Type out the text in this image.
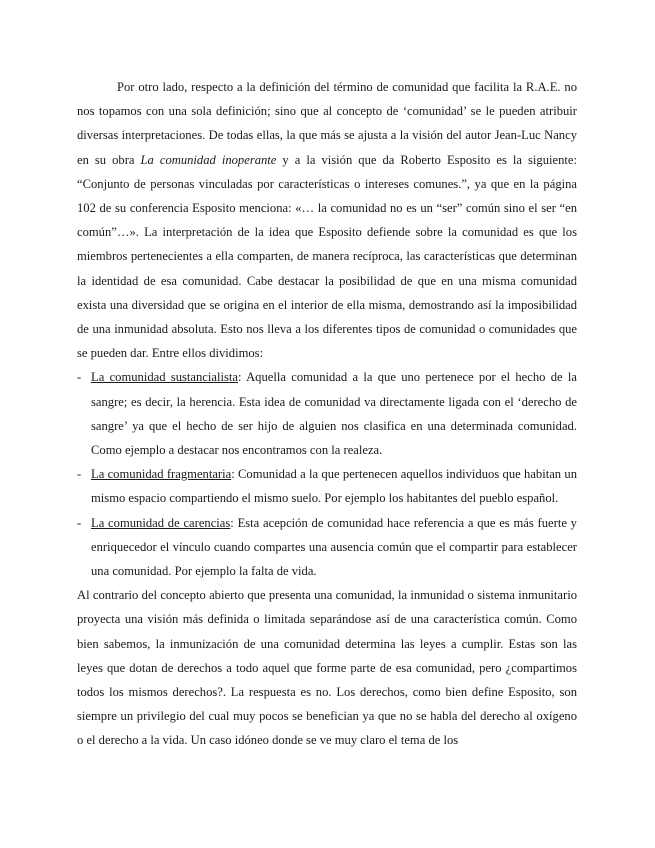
Por otro lado, respecto a la definición del término de comunidad que facilita la R.A.E. no nos topamos con una sola definición; sino que al concepto de ‘comunidad’ se le pueden atribuir diversas interpretaciones. De todas ellas, la que más se ajusta a la visión del autor Jean-Luc Nancy en su obra La comunidad inoperante y a la visión que da Roberto Esposito es la siguiente: “Conjunto de personas vinculadas por características o intereses comunes.”, ya que en la página 102 de su conferencia Esposito menciona: «… la comunidad no es un “ser” común sino el ser “en común”…». La interpretación de la idea que Esposito defiende sobre la comunidad es que los miembros pertenecientes a ella comparten, de manera recíproca, las características que determinan la identidad de esa comunidad. Cabe destacar la posibilidad de que en una misma comunidad exista una diversidad que se origina en el interior de ella misma, demostrando así la imposibilidad de una inmunidad absoluta. Esto nos lleva a los diferentes tipos de comunidad o comunidades que se pueden dar. Entre ellos dividimos:

- La comunidad sustancialista: Aquella comunidad a la que uno pertenece por el hecho de la sangre; es decir, la herencia. Esta idea de comunidad va directamente ligada con el ‘derecho de sangre’ ya que el hecho de ser hijo de alguien nos clasifica en una determinada comunidad. Como ejemplo a destacar nos encontramos con la realeza.
- La comunidad fragmentaria: Comunidad a la que pertenecen aquellos individuos que habitan un mismo espacio compartiendo el mismo suelo. Por ejemplo los habitantes del pueblo español.
- La comunidad de carencias: Esta acepción de comunidad hace referencia a que es más fuerte y enriquecedor el vínculo cuando compartes una ausencia común que el compartir para establecer una comunidad. Por ejemplo la falta de vida.

Al contrario del concepto abierto que presenta una comunidad, la inmunidad o sistema inmunitario proyecta una visión más definida o limitada separándose así de una característica común. Como bien sabemos, la inmunización de una comunidad determina las leyes a cumplir. Estas son las leyes que dotan de derechos a todo aquel que forme parte de esa comunidad, pero ¿compartimos todos los mismos derechos?. La respuesta es no. Los derechos, como bien define Esposito, son siempre un privilegio del cual muy pocos se benefician ya que no se habla del derecho al oxígeno o el derecho a la vida. Un caso idóneo donde se ve muy claro el tema de los
